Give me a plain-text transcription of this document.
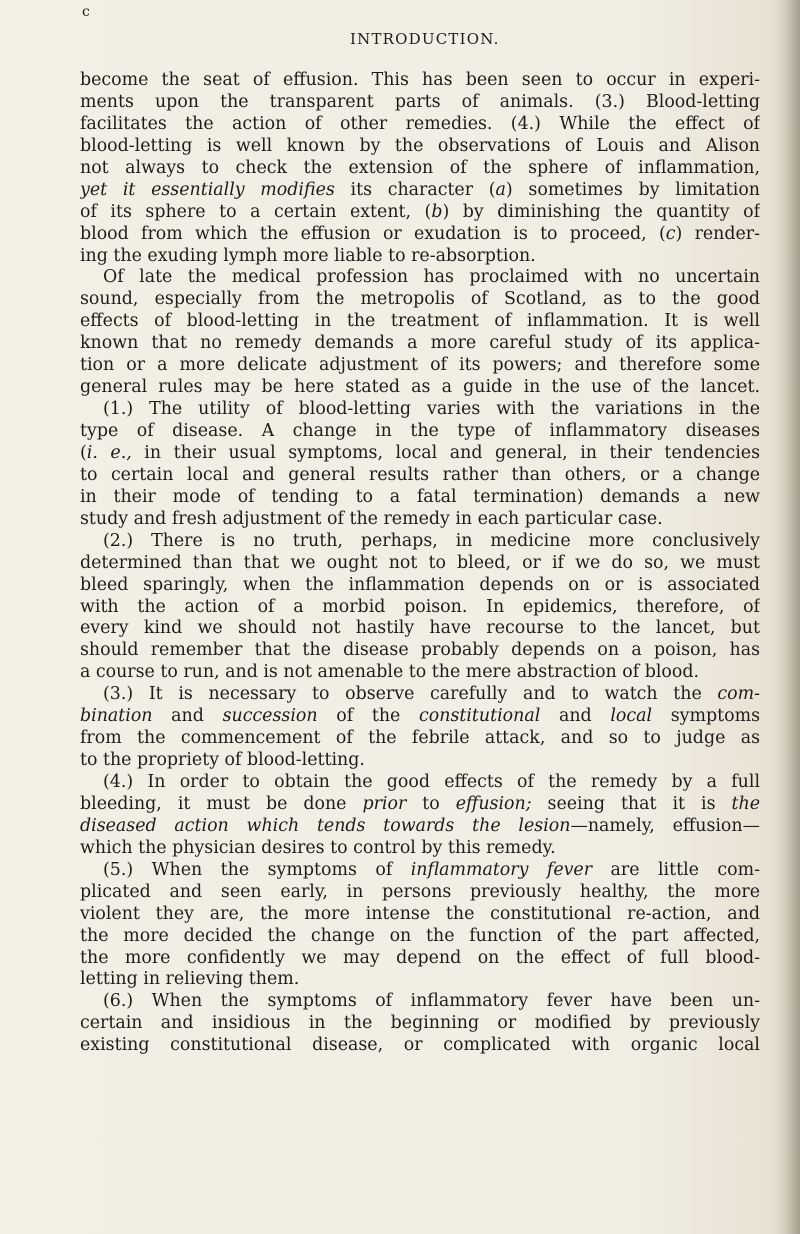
c
INTRODUCTION.
become the seat of effusion. This has been seen to occur in experi-
ments upon the transparent parts of animals. (3.) Blood-letting
facilitates the action of other remedies. (4.) While the effect of
blood-letting is well known by the observations of Louis and Alison
not always to check the extension of the sphere of inflammation,
yet it essentially modifies its character (a) sometimes by limitation
of its sphere to a certain extent, (b) by diminishing the quantity of
blood from which the effusion or exudation is to proceed, (c) render-
ing the exuding lymph more liable to re-absorption.
Of late the medical profession has proclaimed with no uncertain
sound, especially from the metropolis of Scotland, as to the good
effects of blood-letting in the treatment of inflammation. It is well
known that no remedy demands a more careful study of its applica-
tion or a more delicate adjustment of its powers; and therefore some
general rules may be here stated as a guide in the use of the lancet.
(1.) The utility of blood-letting varies with the variations in the
type of disease. A change in the type of inflammatory diseases
(i. e., in their usual symptoms, local and general, in their tendencies
to certain local and general results rather than others, or a change
in their mode of tending to a fatal termination) demands a new
study and fresh adjustment of the remedy in each particular case.
(2.) There is no truth, perhaps, in medicine more conclusively
determined than that we ought not to bleed, or if we do so, we must
bleed sparingly, when the inflammation depends on or is associated
with the action of a morbid poison. In epidemics, therefore, of
every kind we should not hastily have recourse to the lancet, but
should remember that the disease probably depends on a poison, has
a course to run, and is not amenable to the mere abstraction of blood.
(3.) It is necessary to observe carefully and to watch the com-
bination and succession of the constitutional and local symptoms
from the commencement of the febrile attack, and so to judge as
to the propriety of blood-letting.
(4.) In order to obtain the good effects of the remedy by a full
bleeding, it must be done prior to effusion; seeing that it is the
diseased action which tends towards the lesion—namely, effusion—
which the physician desires to control by this remedy.
(5.) When the symptoms of inflammatory fever are little com-
plicated and seen early, in persons previously healthy, the more
violent they are, the more intense the constitutional re-action, and
the more decided the change on the function of the part affected,
the more confidently we may depend on the effect of full blood-
letting in relieving them.
(6.) When the symptoms of inflammatory fever have been un-
certain and insidious in the beginning or modified by previously
existing constitutional disease, or complicated with organic local
